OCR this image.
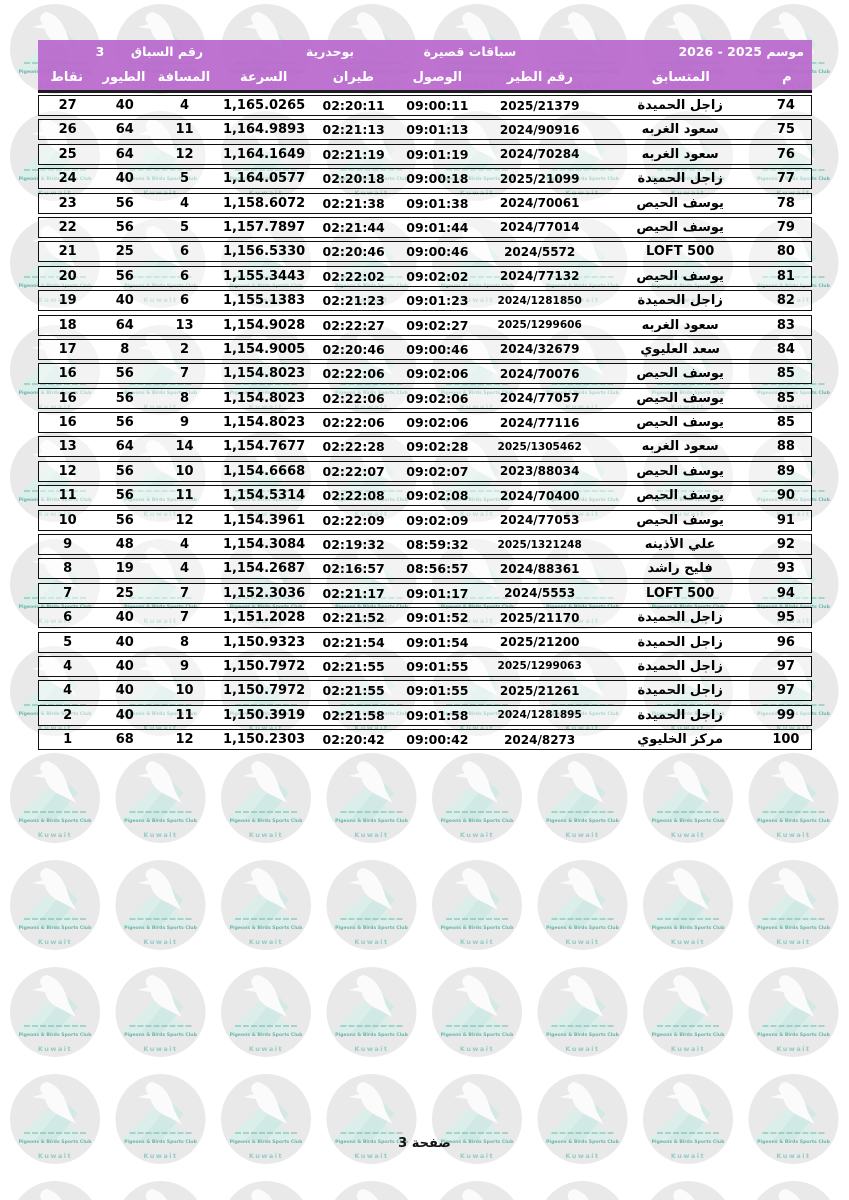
موسم 2025 - 2026
سباقات قصيرة
بوحدرية
رقم السباق
3
م
المتسابق
رقم الطير
الوصول
طيران
السرعة
المسافة
الطيور
نقاط
74
زاجل الحميدة
2025/21379
09:00:11
02:20:11
1,165.0265
4
40
27
75
سعود الغربه
2024/90916
09:01:13
02:21:13
1,164.9893
11
64
26
76
سعود الغربه
2024/70284
09:01:19
02:21:19
1,164.1649
12
64
25
77
زاجل الحميدة
2025/21099
09:00:18
02:20:18
1,164.0577
5
40
24
78
يوسف الحيص
2024/70061
09:01:38
02:21:38
1,158.6072
4
56
23
79
يوسف الحيص
2024/77014
09:01:44
02:21:44
1,157.7897
5
56
22
80
LOFT 500
2024/5572
09:00:46
02:20:46
1,156.5330
6
25
21
81
يوسف الحيص
2024/77132
09:02:02
02:22:02
1,155.3443
6
56
20
82
زاجل الحميدة
2024/1281850
09:01:23
02:21:23
1,155.1383
6
40
19
83
سعود الغربه
2025/1299606
09:02:27
02:22:27
1,154.9028
13
64
18
84
سعد العليوي
2024/32679
09:00:46
02:20:46
1,154.9005
2
8
17
85
يوسف الحيص
2024/70076
09:02:06
02:22:06
1,154.8023
7
56
16
85
يوسف الحيص
2024/77057
09:02:06
02:22:06
1,154.8023
8
56
16
85
يوسف الحيص
2024/77116
09:02:06
02:22:06
1,154.8023
9
56
16
88
سعود الغربه
2025/1305462
09:02:28
02:22:28
1,154.7677
14
64
13
89
يوسف الحيص
2023/88034
09:02:07
02:22:07
1,154.6668
10
56
12
90
يوسف الحيص
2024/70400
09:02:08
02:22:08
1,154.5314
11
56
11
91
يوسف الحيص
2024/77053
09:02:09
02:22:09
1,154.3961
12
56
10
92
علي الأذينه
2025/1321248
08:59:32
02:19:32
1,154.3084
4
48
9
93
فليح راشد
2024/88361
08:56:57
02:16:57
1,154.2687
4
19
8
94
LOFT 500
2024/5553
09:01:17
02:21:17
1,152.3036
7
25
7
95
زاجل الحميدة
2025/21170
09:01:52
02:21:52
1,151.2028
7
40
6
96
زاجل الحميدة
2025/21200
09:01:54
02:21:54
1,150.9323
8
40
5
97
زاجل الحميدة
2025/1299063
09:01:55
02:21:55
1,150.7972
9
40
4
97
زاجل الحميدة
2025/21261
09:01:55
02:21:55
1,150.7972
10
40
4
99
زاجل الحميدة
2024/1281895
09:01:58
02:21:58
1,150.3919
11
40
2
100
مركز الخليوي
2024/8273
09:00:42
02:20:42
1,150.2303
12
68
1
صفحة 3
